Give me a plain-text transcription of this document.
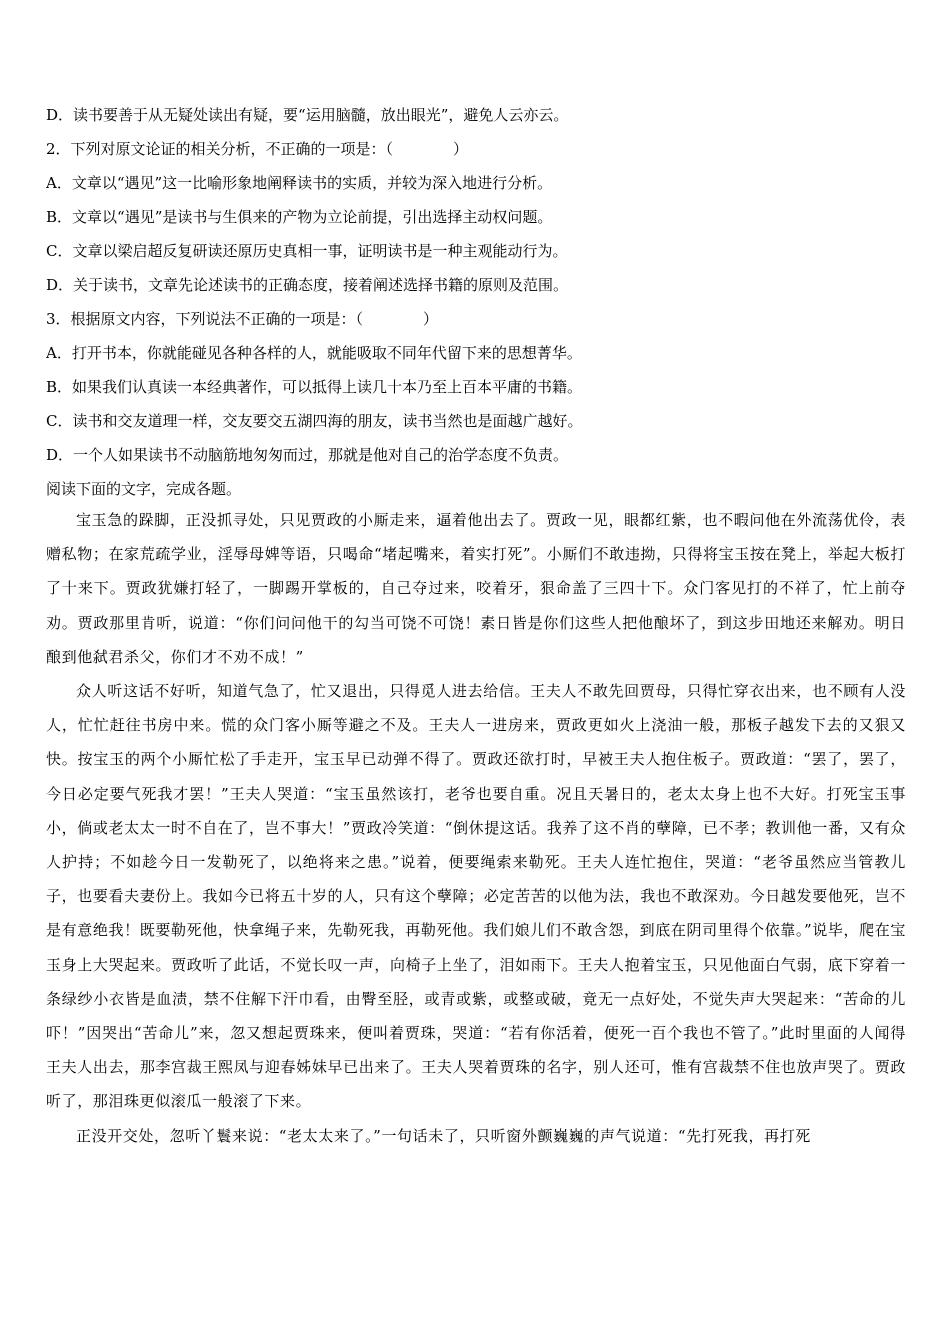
D．读书要善于从无疑处读出有疑，要“运用脑髓，放出眼光”，避免人云亦云。
2．下列对原文论证的相关分析，不正确的一项是：（　　　　）
A．文章以“遇见”这一比喻形象地阐释读书的实质，并较为深入地进行分析。
B．文章以“遇见”是读书与生俱来的产物为立论前提，引出选择主动权问题。
C．文章以梁启超反复研读还原历史真相一事，证明读书是一种主观能动行为。
D．关于读书，文章先论述读书的正确态度，接着阐述选择书籍的原则及范围。
3．根据原文内容，下列说法不正确的一项是：（　　　　）
A．打开书本，你就能碰见各种各样的人，就能吸取不同年代留下来的思想菁华。
B．如果我们认真读一本经典著作，可以抵得上读几十本乃至上百本平庸的书籍。
C．读书和交友道理一样，交友要交五湖四海的朋友，读书当然也是面越广越好。
D．一个人如果读书不动脑筋地匆匆而过，那就是他对自己的治学态度不负责。
阅读下面的文字，完成各题。

宝玉急的跺脚，正没抓寻处，只见贾政的小厮走来，逼着他出去了。贾政一见，眼都红紫，也不暇问他在外流荡优伶，表赠私物；在家荒疏学业，淫辱母婢等语，只喝命“堵起嘴来，着实打死”。小厮们不敢违拗，只得将宝玉按在凳上，举起大板打了十来下。贾政犹嫌打轻了，一脚踢开掌板的，自己夺过来，咬着牙，狠命盖了三四十下。众门客见打的不祥了，忙上前夺劝。贾政那里肯听，说道：“你们问问他干的勾当可饶不可饶！素日皆是你们这些人把他酿坏了，到这步田地还来解劝。明日酿到他弑君杀父，你们才不劝不成！”

众人听这话不好听，知道气急了，忙又退出，只得觅人进去给信。王夫人不敢先回贾母，只得忙穿衣出来，也不顾有人没人，忙忙赶往书房中来。慌的众门客小厮等避之不及。王夫人一进房来，贾政更如火上浇油一般，那板子越发下去的又狠又快。按宝玉的两个小厮忙松了手走开，宝玉早已动弹不得了。贾政还欲打时，早被王夫人抱住板子。贾政道：“罢了，罢了，今日必定要气死我才罢！”王夫人哭道：“宝玉虽然该打，老爷也要自重。况且天暑日的，老太太身上也不大好。打死宝玉事小，倘或老太太一时不自在了，岂不事大！”贾政冷笑道：“倒休提这话。我养了这不肖的孽障，已不孝；教训他一番，又有众人护持；不如趁今日一发勒死了，以绝将来之患。”说着，便要绳索来勒死。王夫人连忙抱住，哭道：“老爷虽然应当管教儿子，也要看夫妻份上。我如今已将五十岁的人，只有这个孽障；必定苦苦的以他为法，我也不敢深劝。今日越发要他死，岂不是有意绝我！既要勒死他，快拿绳子来，先勒死我，再勒死他。我们娘儿们不敢含怨，到底在阴司里得个依靠。”说毕，爬在宝玉身上大哭起来。贾政听了此话，不觉长叹一声，向椅子上坐了，泪如雨下。王夫人抱着宝玉，只见他面白气弱，底下穿着一条绿纱小衣皆是血渍，禁不住解下汗巾看，由臀至胫，或青或紫，或整或破，竟无一点好处，不觉失声大哭起来：“苦命的儿吓！”因哭出“苦命儿”来，忽又想起贾珠来，便叫着贾珠，哭道：“若有你活着，便死一百个我也不管了。”此时里面的人闻得王夫人出去，那李宫裁王熙凤与迎春姊妹早已出来了。王夫人哭着贾珠的名字，别人还可，惟有宫裁禁不住也放声哭了。贾政听了，那泪珠更似滚瓜一般滚了下来。

正没开交处，忽听丫鬟来说：“老太太来了。”一句话未了，只听窗外颤巍巍的声气说道：“先打死我，再打死
